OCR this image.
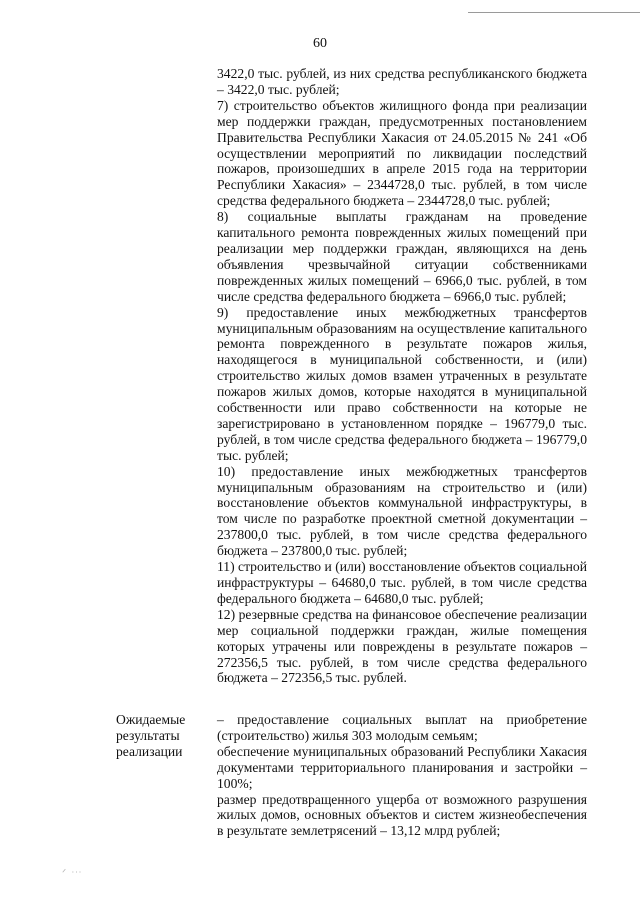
60

3422,0 тыс. рублей, из них средства республиканского бюджета – 3422,0 тыс. рублей;

7) строительство объектов жилищного фонда при реализации мер поддержки граждан, предусмотренных постановлением Правительства Республики Хакасия от 24.05.2015 № 241 «Об осуществлении мероприятий по ликвидации последствий пожаров, произошедших в апреле 2015 года на территории Республики Хакасия» – 2344728,0 тыс. рублей, в том числе средства федерального бюджета – 2344728,0 тыс. рублей;

8) социальные выплаты гражданам на проведение капитального ремонта поврежденных жилых помещений при реализации мер поддержки граждан, являющихся на день объявления чрезвычайной ситуации собственниками поврежденных жилых помещений – 6966,0 тыс. рублей, в том числе средства федерального бюджета – 6966,0 тыс. рублей;

9) предоставление иных межбюджетных трансфертов муниципальным образованиям на осуществление капитального ремонта поврежденного в результате пожаров жилья, находящегося в муниципальной собственности, и (или) строительство жилых домов взамен утраченных в результате пожаров жилых домов, которые находятся в муниципальной собственности или право собственности на которые не зарегистрировано в установленном порядке – 196779,0 тыс. рублей, в том числе средства федерального бюджета – 196779,0 тыс. рублей;

10) предоставление иных межбюджетных трансфертов муниципальным образованиям на строительство и (или) восстановление объектов коммунальной инфраструктуры, в том числе по разработке проектной сметной документации – 237800,0 тыс. рублей, в том числе средства федерального бюджета – 237800,0 тыс. рублей;

11) строительство и (или) восстановление объектов социальной инфраструктуры – 64680,0 тыс. рублей, в том числе средства федерального бюджета – 64680,0 тыс. рублей;

12) резервные средства на финансовое обеспечение реализации мер социальной поддержки граждан, жилые помещения которых утрачены или повреждены в результате пожаров – 272356,5 тыс. рублей, в том числе средства федерального бюджета – 272356,5 тыс. рублей.

Ожидаемые результаты реализации

– предоставление социальных выплат на приобретение (строительство) жилья 303 молодым семьям;

обеспечение муниципальных образований Республики Хакасия документами территориального планирования и застройки – 100%;

размер предотвращенного ущерба от возможного разрушения жилых домов, основных объектов и систем жизнеобеспечения в результате землетрясений – 13,12 млрд рублей;

ᐟ ᐧᐧᐧ
